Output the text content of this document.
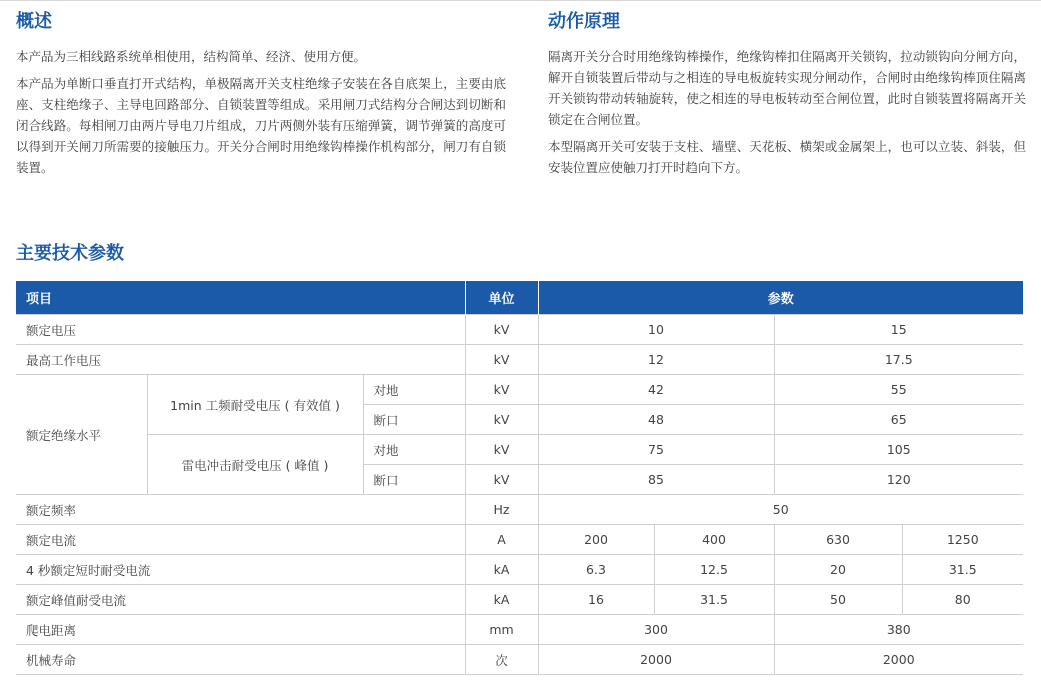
概述

本产品为三相线路系统单相使用，结构简单、经济、使用方便。

本产品为单断口垂直打开式结构，单极隔离开关支柱绝缘子安装在各自底架上，主要由底座、支柱绝缘子、主导电回路部分、自锁装置等组成。采用闸刀式结构分合闸达到切断和闭合线路。每相闸刀由两片导电刀片组成，刀片两侧外装有压缩弹簧，调节弹簧的高度可以得到开关闸刀所需要的接触压力。开关分合闸时用绝缘钩棒操作机构部分，闸刀有自锁装置。

动作原理

隔离开关分合时用绝缘钩棒操作，绝缘钩棒扣住隔离开关锁钩，拉动锁钩向分闸方向，解开自锁装置后带动与之相连的导电板旋转实现分闸动作，合闸时由绝缘钩棒顶住隔离开关锁钩带动转轴旋转，使之相连的导电板转动至合闸位置，此时自锁装置将隔离开关锁定在合闸位置。

本型隔离开关可安装于支柱、墙壁、天花板、横架或金属架上，也可以立装、斜装，但安装位置应使触刀打开时趋向下方。

主要技术参数
项目			单位	参数			
额定电压			kV	10		15	
最高工作电压			kV	12		17.5	
额定绝缘水平	1min 工频耐受电压 ( 有效值 )	对地	kV	42		55	
		断口	kV	48		65	
	雷电冲击耐受电压 ( 峰值 )	对地	kV	75		105	
		断口	kV	85		120	
额定频率			Hz	50			
额定电流			A	200	400	630	1250
4 秒额定短时耐受电流			kA	6.3	12.5	20	31.5
额定峰值耐受电流			kA	16	31.5	50	80
爬电距离			mm	300		380	
机械寿命			次	2000		2000	
